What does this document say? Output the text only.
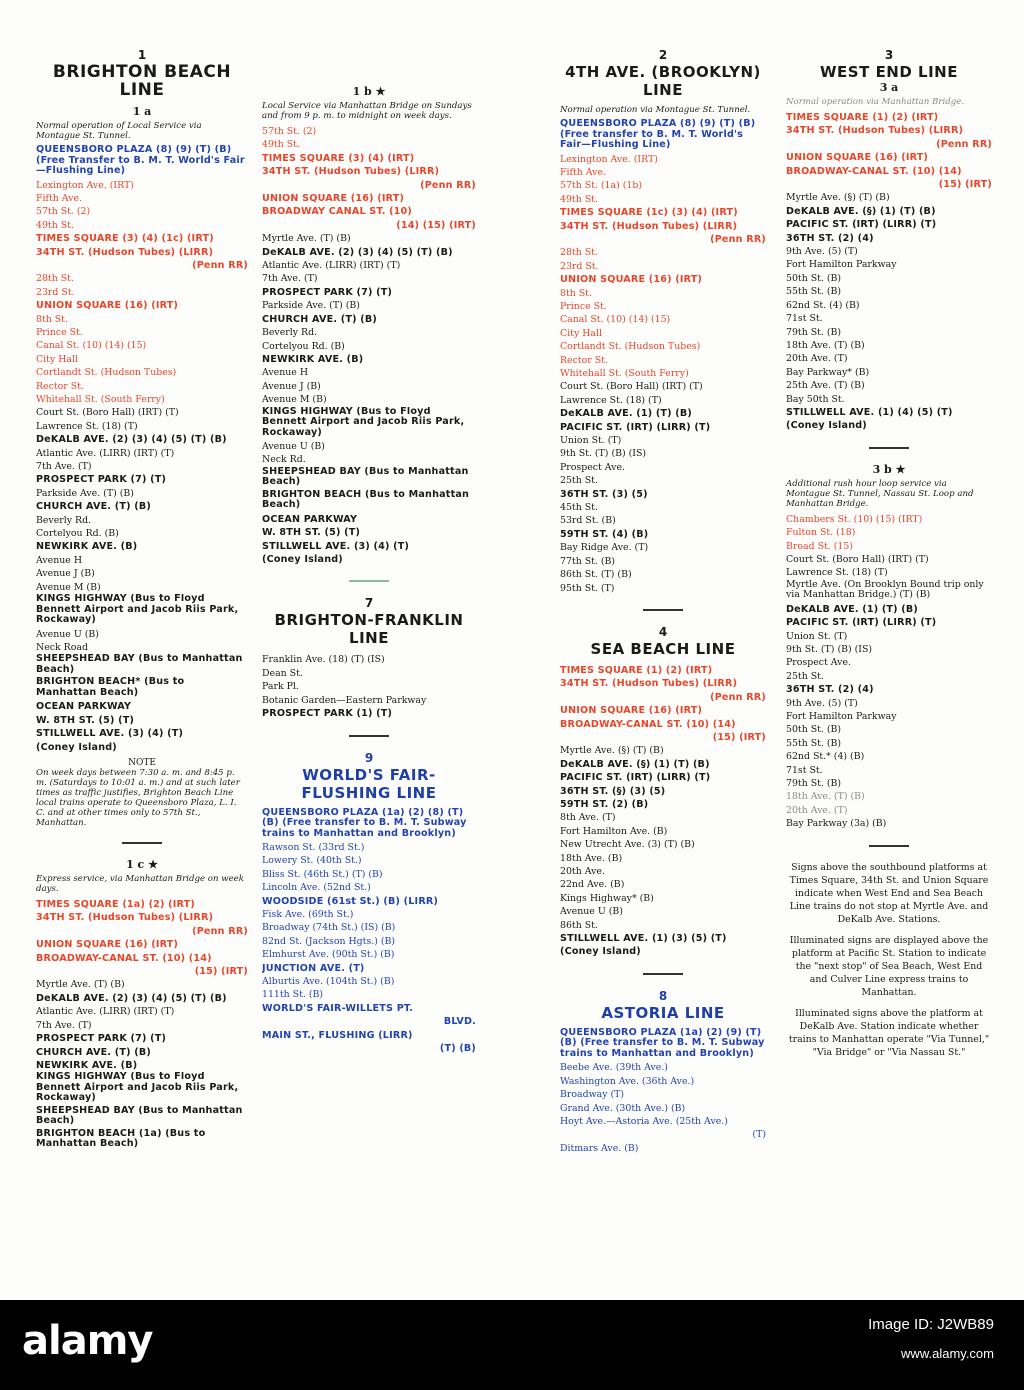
1
BRIGHTON BEACH LINE
1 a
Normal operation of Local Service via Montague St. Tunnel.
QUEENSBORO PLAZA (8) (9) (T) (B) (Free Transfer to B. M. T. World's Fair—Flushing Line)
Lexington Ave. (IRT)
Fifth Ave.
57th St. (2)
49th St.
TIMES SQUARE (3) (4) (1c) (IRT)
34TH ST. (Hudson Tubes) (LIRR)
(Penn RR)
28th St.
23rd St.
UNION SQUARE (16) (IRT)
8th St.
Prince St.
Canal St. (10) (14) (15)
City Hall
Cortlandt St. (Hudson Tubes)
Rector St.
Whitehall St. (South Ferry)
Court St. (Boro Hall) (IRT) (T)
Lawrence St. (18) (T)
DeKALB AVE. (2) (3) (4) (5) (T) (B)
Atlantic Ave. (LIRR) (IRT) (T)
7th Ave. (T)
PROSPECT PARK (7) (T)
Parkside Ave. (T) (B)
CHURCH AVE. (T) (B)
Beverly Rd.
Cortelyou Rd. (B)
NEWKIRK AVE. (B)
Avenue H
Avenue J (B)
Avenue M (B)
KINGS HIGHWAY (Bus to Floyd Bennett Airport and Jacob Riis Park, Rockaway)
Avenue U (B)
Neck Road
SHEEPSHEAD BAY (Bus to Manhattan Beach)
BRIGHTON BEACH* (Bus to Manhattan Beach)
OCEAN PARKWAY
W. 8TH ST. (5) (T)
STILLWELL AVE. (3) (4) (T)
(Coney Island)
NOTE
On week days between 7:30 a. m. and 8:45 p. m. (Saturdays to 10:01 a. m.) and at such later times as traffic justifies, Brighton Beach Line local trains operate to Queensboro Plaza, L. I. C. and at other times only to 57th St., Manhattan.
1 c ★
Express service, via Manhattan Bridge on week days.
TIMES SQUARE (1a) (2) (IRT)
34TH ST. (Hudson Tubes) (LIRR)
(Penn RR)
UNION SQUARE (16) (IRT)
BROADWAY-CANAL ST. (10) (14)
(15) (IRT)
Myrtle Ave. (T) (B)
DeKALB AVE. (2) (3) (4) (5) (T) (B)
Atlantic Ave. (LIRR) (IRT) (T)
7th Ave. (T)
PROSPECT PARK (7) (T)
CHURCH AVE. (T) (B)
NEWKIRK AVE. (B)
KINGS HIGHWAY (Bus to Floyd Bennett Airport and Jacob Riis Park, Rockaway)
SHEEPSHEAD BAY (Bus to Manhattan Beach)
BRIGHTON BEACH (1a) (Bus to Manhattan Beach)
1 b ★
Local Service via Manhattan Bridge on Sundays and from 9 p. m. to midnight on week days.
57th St. (2)
49th St.
TIMES SQUARE (3) (4) (IRT)
34TH ST. (Hudson Tubes) (LIRR)
(Penn RR)
UNION SQUARE (16) (IRT)
BROADWAY CANAL ST. (10)
(14) (15) (IRT)
Myrtle Ave. (T) (B)
DeKALB AVE. (2) (3) (4) (5) (T) (B)
Atlantic Ave. (LIRR) (IRT) (T)
7th Ave. (T)
PROSPECT PARK (7) (T)
Parkside Ave. (T) (B)
CHURCH AVE. (T) (B)
Beverly Rd.
Cortelyou Rd. (B)
NEWKIRK AVE. (B)
Avenue H
Avenue J (B)
Avenue M (B)
KINGS HIGHWAY (Bus to Floyd Bennett Airport and Jacob Riis Park, Rockaway)
Avenue U (B)
Neck Rd.
SHEEPSHEAD BAY (Bus to Manhattan Beach)
BRIGHTON BEACH (Bus to Manhattan Beach)
OCEAN PARKWAY
W. 8TH ST. (5) (T)
STILLWELL AVE. (3) (4) (T)
(Coney Island)
7
BRIGHTON-FRANKLIN LINE
Franklin Ave. (18) (T) (IS)
Dean St.
Park Pl.
Botanic Garden—Eastern Parkway
PROSPECT PARK (1) (T)
9
WORLD'S FAIR-FLUSHING LINE
QUEENSBORO PLAZA (1a) (2) (8) (T) (B) (Free transfer to B. M. T. Subway trains to Manhattan and Brooklyn)
Rawson St. (33rd St.)
Lowery St. (40th St.)
Bliss St. (46th St.) (T) (B)
Lincoln Ave. (52nd St.)
WOODSIDE (61st St.) (B) (LIRR)
Fisk Ave. (69th St.)
Broadway (74th St.) (IS) (B)
82nd St. (Jackson Hgts.) (B)
Elmhurst Ave. (90th St.) (B)
JUNCTION AVE. (T)
Alburtis Ave. (104th St.) (B)
111th St. (B)
WORLD'S FAIR-WILLETS PT.
BLVD.
MAIN ST., FLUSHING (LIRR)
(T) (B)
2
4TH AVE. (BROOKLYN) LINE
Normal operation via Montague St. Tunnel.
QUEENSBORO PLAZA (8) (9) (T) (B) (Free transfer to B. M. T. World's Fair—Flushing Line)
Lexington Ave. (IRT)
Fifth Ave.
57th St. (1a) (1b)
49th St.
TIMES SQUARE (1c) (3) (4) (IRT)
34TH ST. (Hudson Tubes) (LIRR)
(Penn RR)
28th St.
23rd St.
UNION SQUARE (16) (IRT)
8th St.
Prince St.
Canal St. (10) (14) (15)
City Hall
Cortlandt St. (Hudson Tubes)
Rector St.
Whitehall St. (South Ferry)
Court St. (Boro Hall) (IRT) (T)
Lawrence St. (18) (T)
DeKALB AVE. (1) (T) (B)
PACIFIC ST. (IRT) (LIRR) (T)
Union St. (T)
9th St. (T) (B) (IS)
Prospect Ave.
25th St.
36TH ST. (3) (5)
45th St.
53rd St. (B)
59TH ST. (4) (B)
Bay Ridge Ave. (T)
77th St. (B)
86th St. (T) (B)
95th St. (T)
4
SEA BEACH LINE
TIMES SQUARE (1) (2) (IRT)
34TH ST. (Hudson Tubes) (LIRR)
(Penn RR)
UNION SQUARE (16) (IRT)
BROADWAY-CANAL ST. (10) (14)
(15) (IRT)
Myrtle Ave. (§) (T) (B)
DeKALB AVE. (§) (1) (T) (B)
PACIFIC ST. (IRT) (LIRR) (T)
36TH ST. (§) (3) (5)
59TH ST. (2) (B)
8th Ave. (T)
Fort Hamilton Ave. (B)
New Utrecht Ave. (3) (T) (B)
18th Ave. (B)
20th Ave.
22nd Ave. (B)
Kings Highway* (B)
Avenue U (B)
86th St.
STILLWELL AVE. (1) (3) (5) (T)
(Coney Island)
8
ASTORIA LINE
QUEENSBORO PLAZA (1a) (2) (9) (T) (B) (Free transfer to B. M. T. Subway trains to Manhattan and Brooklyn)
Beebe Ave. (39th Ave.)
Washington Ave. (36th Ave.)
Broadway (T)
Grand Ave. (30th Ave.) (B)
Hoyt Ave.—Astoria Ave. (25th Ave.)
(T)
Ditmars Ave. (B)
3
WEST END LINE
3 a
Normal operation via Manhattan Bridge.
TIMES SQUARE (1) (2) (IRT)
34TH ST. (Hudson Tubes) (LIRR)
(Penn RR)
UNION SQUARE (16) (IRT)
BROADWAY-CANAL ST. (10) (14)
(15) (IRT)
Myrtle Ave. (§) (T) (B)
DeKALB AVE. (§) (1) (T) (B)
PACIFIC ST. (IRT) (LIRR) (T)
36TH ST. (2) (4)
9th Ave. (5) (T)
Fort Hamilton Parkway
50th St. (B)
55th St. (B)
62nd St. (4) (B)
71st St.
79th St. (B)
18th Ave. (T) (B)
20th Ave. (T)
Bay Parkway* (B)
25th Ave. (T) (B)
Bay 50th St.
STILLWELL AVE. (1) (4) (5) (T)
(Coney Island)
3 b ★
Additional rush hour loop service via Montague St. Tunnel, Nassau St. Loop and Manhattan Bridge.
Chambers St. (10) (15) (IRT)
Fulton St. (18)
Broad St. (15)
Court St. (Boro Hall) (IRT) (T)
Lawrence St. (18) (T)
Myrtle Ave. (On Brooklyn Bound trip only via Manhattan Bridge.) (T) (B)
DeKALB AVE. (1) (T) (B)
PACIFIC ST. (IRT) (LIRR) (T)
Union St. (T)
9th St. (T) (B) (IS)
Prospect Ave.
25th St.
36TH ST. (2) (4)
9th Ave. (5) (T)
Fort Hamilton Parkway
50th St. (B)
55th St. (B)
62nd St.* (4) (B)
71st St.
79th St. (B)
18th Ave. (T) (B)
20th Ave. (T)
Bay Parkway (3a) (B)
Signs above the southbound platforms at Times Square, 34th St. and Union Square indicate when West End and Sea Beach Line trains do not stop at Myrtle Ave. and DeKalb Ave. Stations.
Illuminated signs are displayed above the platform at Pacific St. Station to indicate the "next stop" of Sea Beach, West End and Culver Line express trains to Manhattan.
Illuminated signs above the platform at DeKalb Ave. Station indicate whether trains to Manhattan operate "Via Tunnel," "Via Bridge" or "Via Nassau St."
alamy	Image ID: J2WB89
www.alamy.com
